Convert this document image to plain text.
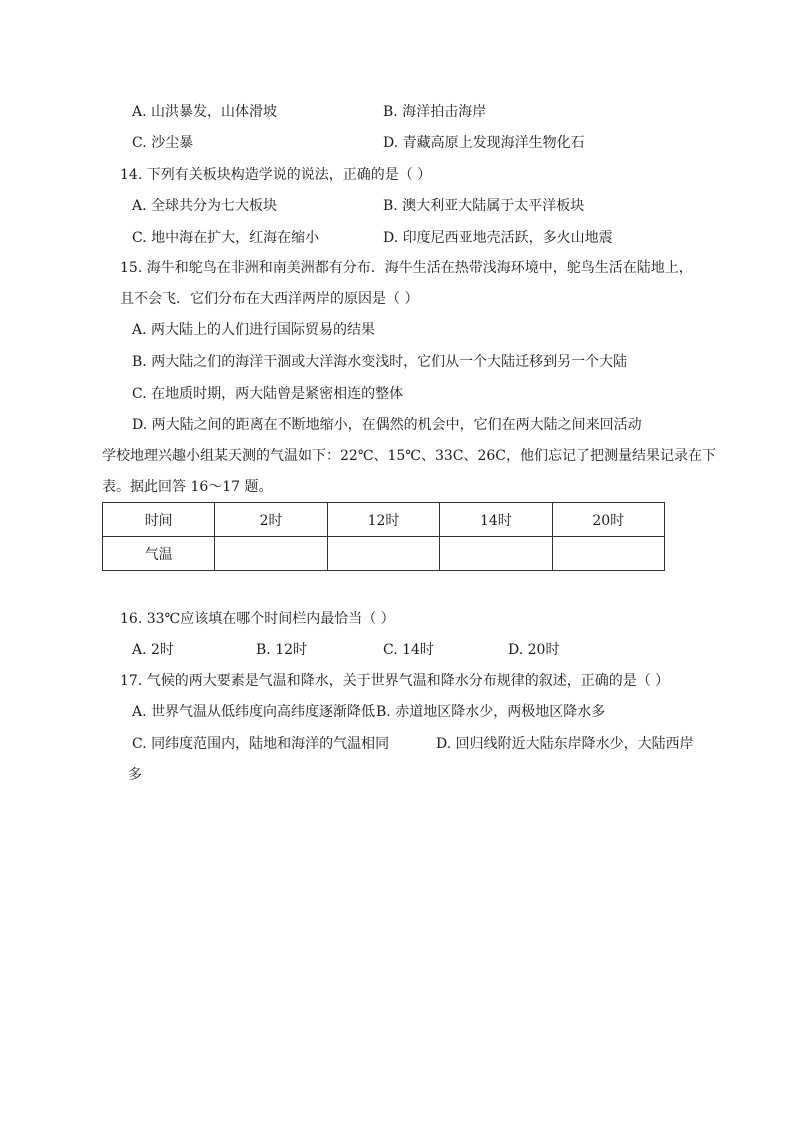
A. 山洪暴发，山体滑坡	B. 海洋拍击海岸
C. 沙尘暴	D. 青藏高原上发现海洋生物化石
14. 下列有关板块构造学说的说法，正确的是（ ）
A. 全球共分为七大板块	B. 澳大利亚大陆属于太平洋板块
C. 地中海在扩大，红海在缩小	D. 印度尼西亚地壳活跃，多火山地震
15. 海牛和鸵鸟在非洲和南美洲都有分布．海牛生活在热带浅海环境中，鸵鸟生活在陆地上，
且不会飞．它们分布在大西洋两岸的原因是（ ）
A. 两大陆上的人们进行国际贸易的结果
B. 两大陆之们的海洋干涸或大洋海水变浅时，它们从一个大陆迁移到另一个大陆
C. 在地质时期，两大陆曾是紧密相连的整体
D. 两大陆之间的距离在不断地缩小，在偶然的机会中，它们在两大陆之间来回活动
学校地理兴趣小组某天测的气温如下：22℃、15℃、33C、26C，他们忘记了把测量结果记录在下
表。据此回答 16～17 题。
时间	2时	12时	14时	20时
气温				
16. 33℃应该填在哪个时间栏内最恰当（ ）
A. 2时	B. 12时	C. 14时	D. 20时
17. 气候的两大要素是气温和降水，关于世界气温和降水分布规律的叙述，正确的是（ ）
A. 世界气温从低纬度向高纬度逐渐降低 B. 赤道地区降水少，两极地区降水多
C. 同纬度范围内，陆地和海洋的气温相同	D. 回归线附近大陆东岸降水少，大陆西岸
多
